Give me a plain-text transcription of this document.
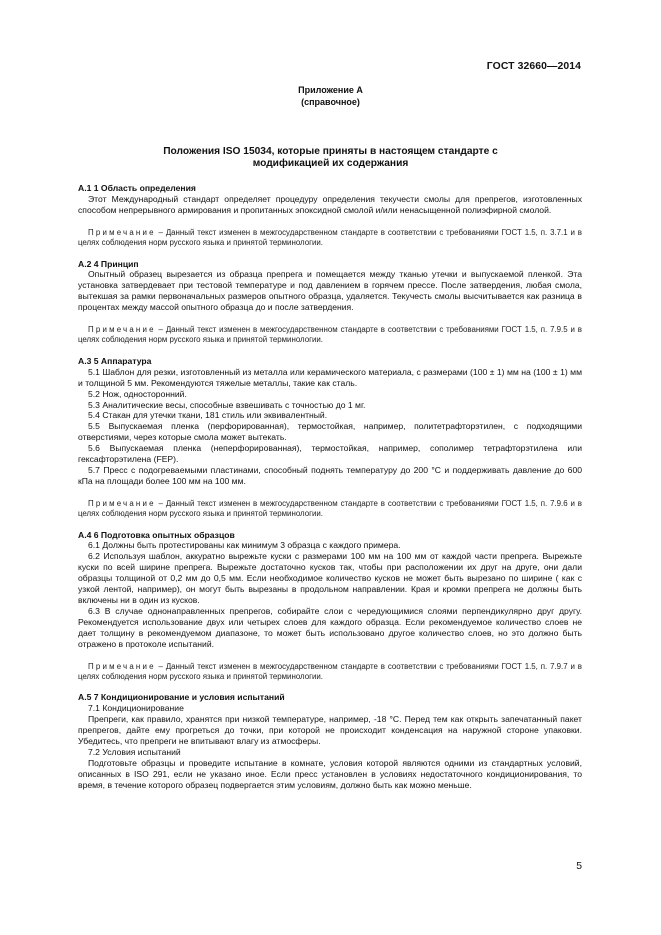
ГОСТ 32660—2014
Приложение А
(справочное)
Положения ISO 15034, которые приняты в настоящем стандарте с
модификацией их содержания

А.1 1 Область определения

Этот Международный стандарт определяет процедуру определения текучести смолы для препрегов, изготовленных способом непрерывного армирования и пропитанных эпоксидной смолой и/или ненасыщенной полиэфирной смолой.

Примечание – Данный текст изменен в межгосударственном стандарте в соответствии с требованиями ГОСТ 1.5, п. 3.7.1 и в целях соблюдения норм русского языка и принятой терминологии.

А.2 4 Принцип

Опытный образец вырезается из образца препрега и помещается между тканью утечки и выпускаемой пленкой. Эта установка затвердевает при тестовой температуре и под давлением в горячем прессе. После затвердения, любая смола, вытекшая за рамки первоначальных размеров опытного образца, удаляется. Текучесть смолы высчитывается как разница в процентах между массой опытного образца до и после затвердения.

Примечание – Данный текст изменен в межгосударственном стандарте в соответствии с требованиями ГОСТ 1.5, п. 7.9.5 и в целях соблюдения норм русского языка и принятой терминологии.

А.3 5 Аппаратура

5.1 Шаблон для резки, изготовленный из металла или керамического материала, с размерами (100 ± 1) мм на (100 ± 1) мм и толщиной 5 мм. Рекомендуются тяжелые металлы, такие как сталь.

5.2 Нож, односторонний.

5.3 Аналитические весы, способные взвешивать с точностью до 1 мг.

5.4 Стакан для утечки ткани, 181 стиль или эквивалентный.

5.5 Выпускаемая пленка (перфорированная), термостойкая, например, политетрафторэтилен, с подходящими отверстиями, через которые смола может вытекать.

5.6 Выпускаемая пленка (неперфорированная), термостойкая, например, сополимер тетрафторэтилена или гексафторэтилена (FEP).

5.7 Пресс с подогреваемыми пластинами, способный поднять температуру до 200 °С и поддерживать давление до 600 кПа на площади более 100 мм на 100 мм.

Примечание – Данный текст изменен в межгосударственном стандарте в соответствии с требованиями ГОСТ 1.5, п. 7.9.6 и в целях соблюдения норм русского языка и принятой терминологии.

А.4 6 Подготовка опытных образцов

6.1 Должны быть протестированы как минимум 3 образца с каждого примера.

6.2 Используя шаблон, аккуратно вырежьте куски с размерами 100 мм на 100 мм от каждой части препрега. Вырежьте куски по всей ширине препрега. Вырежьте достаточно кусков так, чтобы при расположении их друг на друге, они дали образцы толщиной от 0,2 мм до 0,5 мм. Если необходимое количество кусков не может быть вырезано по ширине ( как с узкой лентой, например), он могут быть вырезаны в продольном направлении. Края и кромки препрега не должны быть включены ни в один из кусков.

6.3 В случае однонаправленных препрегов, собирайте слои с чередующимися слоями перпендикулярно друг другу. Рекомендуется использование двух или четырех слоев для каждого образца. Если рекомендуемое количество слоев не дает толщину в рекомендуемом диапазоне, то может быть использовано другое количество слоев, но это должно быть отражено в протоколе испытаний.

Примечание – Данный текст изменен в межгосударственном стандарте в соответствии с требованиями ГОСТ 1.5, п. 7.9.7 и в целях соблюдения норм русского языка и принятой терминологии.

А.5 7 Кондиционирование и условия испытаний

7.1 Кондиционирование

Препреги, как правило, хранятся при низкой температуре, например, -18 °С. Перед тем как открыть запечатанный пакет препрегов, дайте ему прогреться до точки, при которой не происходит конденсация на наружной стороне упаковки. Убедитесь, что препреги не впитывают влагу из атмосферы.

7.2 Условия испытаний

Подготовьте образцы и проведите испытание в комнате, условия которой являются одними из стандартных условий, описанных в ISO 291, если не указано иное. Если пресс установлен в условиях недостаточного кондиционирования, то время, в течение которого образец подвергается этим условиям, должно быть как можно меньше.

5
